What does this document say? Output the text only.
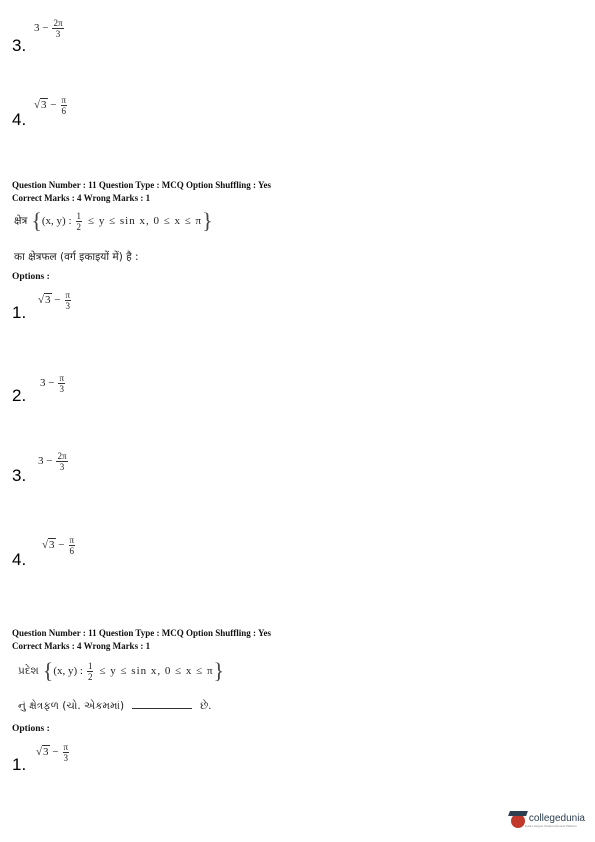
$3 - \frac{2\pi}{3}$
3.
$√3 - \frac{\pi}{6}$
4.
Question Number : 11 Question Type : MCQ Option Shuffling : Yes
Correct Marks : 4 Wrong Marks : 1
क्षेत्र { (x, y) : $\frac{1}{2} \le y \le \sin x$, 0 ≤ x ≤ π }
का क्षेत्रफल (वर्ग इकाइयों में) है :
Options :
$√3 - \frac{\pi}{3}$
1.
$3 - \frac{\pi}{3}$
2.
$3 - \frac{2\pi}{3}$
3.
$√3 - \frac{\pi}{6}$
4.
Question Number : 11 Question Type : MCQ Option Shuffling : Yes
Correct Marks : 4 Wrong Marks : 1
પ્રદેશ { (x, y) : $\frac{1}{2} \le y \le \sin x$, 0 ≤ x ≤ π }
નું ક્ષેત્રફળ (ચો. એકમમાં)	છે.
Options :
$√3 - \frac{\pi}{3}$
1.
collegedunia
India's largest Student Review Platform
